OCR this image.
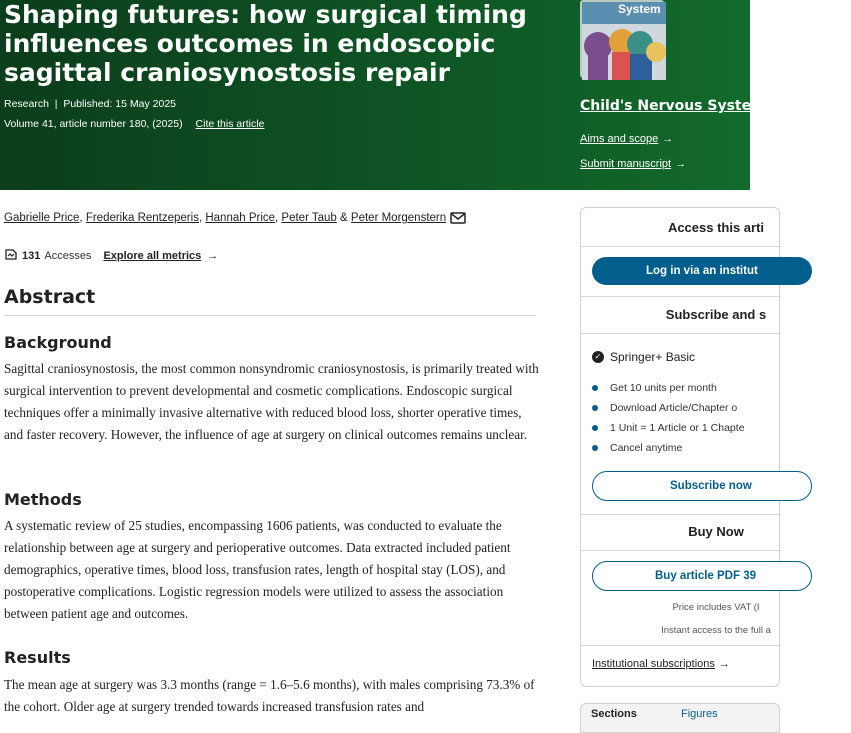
Shaping futures: how surgical timing influences outcomes in endoscopic sagittal craniosynostosis repair
Research  |  Published: 15 May 2025
Volume 41, article number 180, (2025) Cite this article
System
Child's Nervous System
Aims and scope →
Submit manuscript →
Gabrielle Price, Frederika Rentzeperis, Hannah Price, Peter Taub & Peter Morgenstern
131 Accesses Explore all metrics →
Abstract
Background

Sagittal craniosynostosis, the most common nonsyndromic craniosynostosis, is primarily treated with surgical intervention to prevent developmental and cosmetic complications. Endoscopic surgical techniques offer a minimally invasive alternative with reduced blood loss, shorter operative times, and faster recovery. However, the influence of age at surgery on clinical outcomes remains unclear.

Methods

A systematic review of 25 studies, encompassing 1606 patients, was conducted to evaluate the relationship between age at surgery and perioperative outcomes. Data extracted included patient demographics, operative times, blood loss, transfusion rates, length of hospital stay (LOS), and postoperative complications. Logistic regression models were utilized to assess the association between patient age and outcomes.

Results

The mean age at surgery was 3.3 months (range = 1.6–5.6 months), with males comprising 73.3% of the cohort. Older age at surgery trended towards increased transfusion rates and

Access this arti
Log in via an institut
Subscribe and s
✓ Springer+ Basic
Get 10 units per month
Download Article/Chapter o
1 Unit = 1 Article or 1 Chapte
Cancel anytime
Subscribe now
Buy Now
Buy article PDF 39
Price includes VAT (I
Instant access to the full a
Institutional subscriptions →
Sections	Figures
